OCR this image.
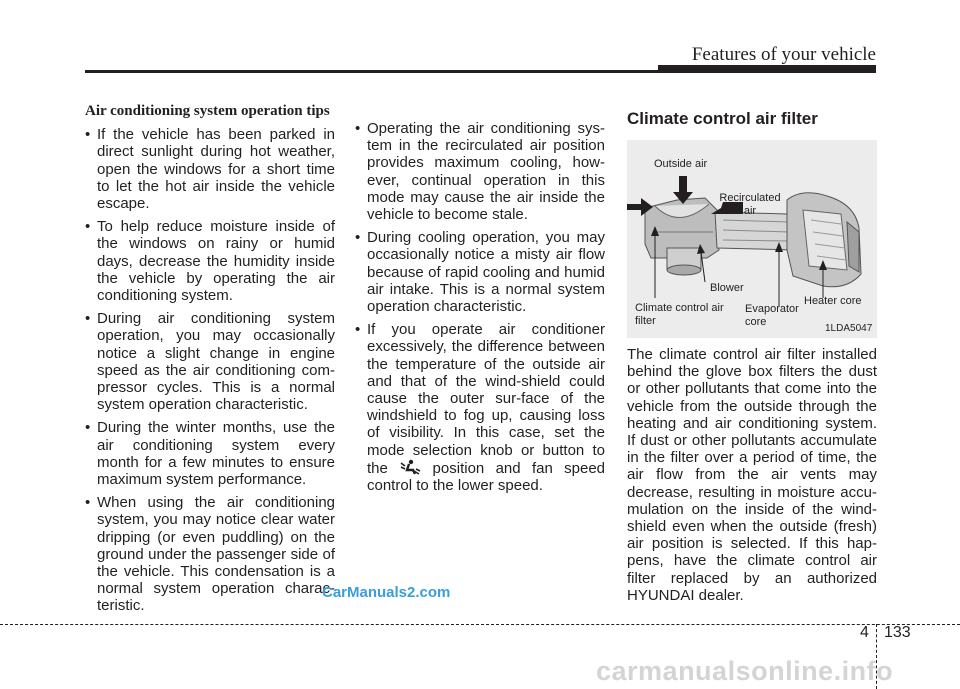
Features of your vehicle

Air conditioning system operation tips

• If the vehicle has been parked in direct sunlight during hot weather, open the windows for a short time to let the hot air inside the vehicle escape.
• To help reduce moisture inside of the windows on rainy or humid days, decrease the humidity inside the vehicle by operating the air conditioning system.
• During air conditioning system operation, you may occasionally notice a slight change in engine speed as the air conditioning com-pressor cycles. This is a normal system operation characteristic.
• During the winter months, use the air conditioning system every month for a few minutes to ensure maximum system performance.
• When using the air conditioning system, you may notice clear water dripping (or even puddling) on the ground under the passenger side of the vehicle. This condensation is a normal system operation charac-teristic.
• Operating the air conditioning sys-tem in the recirculated air position provides maximum cooling, how-ever, continual operation in this mode may cause the air inside the vehicle to become stale.
• During cooling operation, you may occasionally notice a misty air flow because of rapid cooling and humid air intake. This is a normal system operation characteristic.
• If you operate air conditioner excessively, the difference between the temperature of the outside air and that of the wind-shield could cause the outer sur-face of the windshield to fog up, causing loss of visibility. In this case, set the mode selection knob or button to the	position and fan speed control to the lower speed.

Climate control air filter

Outside air
Recirculated air
Blower
Climate control air filter
Evaporator core
Heater core
1LDA5047
The climate control air filter installed behind the glove box filters the dust or other pollutants that come into the vehicle from the outside through the heating and air conditioning system. If dust or other pollutants accumulate in the filter over a period of time, the air flow from the air vents may decrease, resulting in moisture accu-mulation on the inside of the wind-shield even when the outside (fresh) air position is selected. If this hap-pens, have the climate control air filter replaced by an authorized HYUNDAI dealer.
CarManuals2.com
carmanualsonline.info
4 133
